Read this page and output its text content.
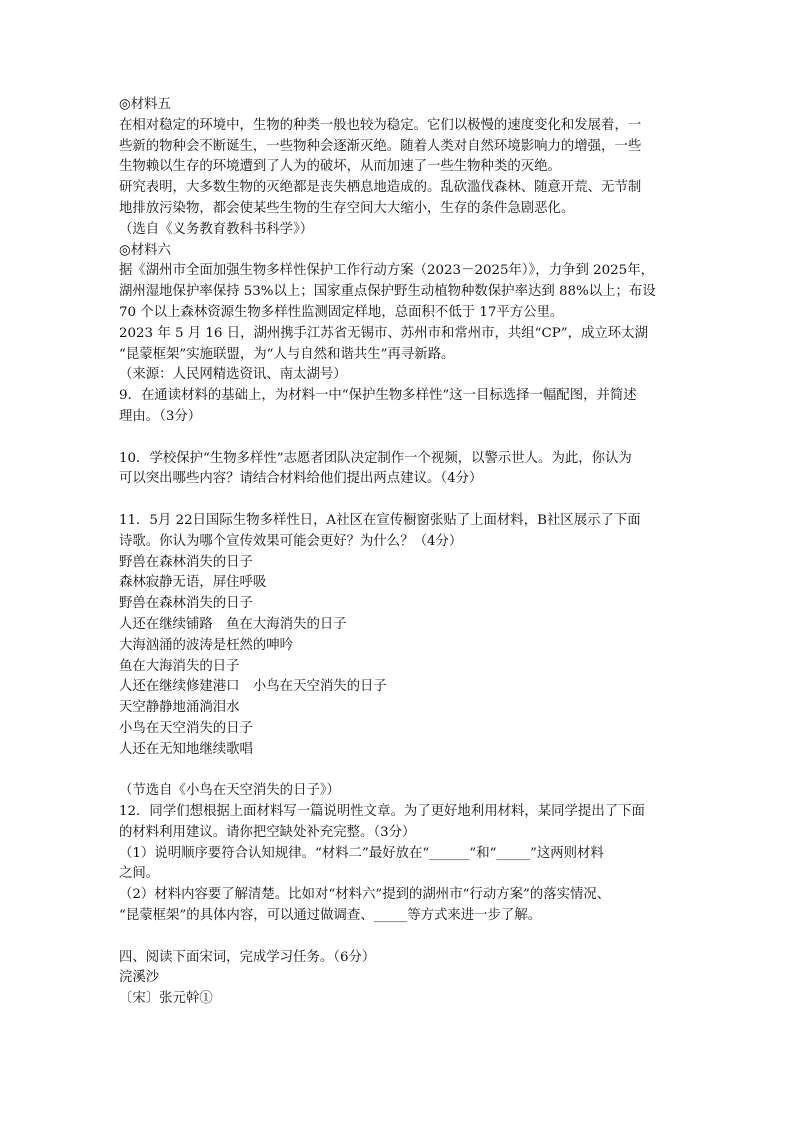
◎材料五
在相对稳定的环境中，生物的种类一般也较为稳定。它们以极慢的速度变化和发展着，一
些新的物种会不断诞生，一些物种会逐渐灭绝。随着人类对自然环境影响力的增强，一些
生物赖以生存的环境遭到了人为的破坏，从而加速了一些生物种类的灭绝。
研究表明，大多数生物的灭绝都是丧失栖息地造成的。乱砍滥伐森林、随意开荒、无节制
地排放污染物，都会使某些生物的生存空间大大缩小，生存的条件急剧恶化。
（选自《义务教育教科书科学》）
◎材料六
据《湖州市全面加强生物多样性保护工作行动方案（2023－2025年）》，力争到 2025年，
湖州湿地保护率保持 53%以上；国家重点保护野生动植物种数保护率达到 88%以上；布设
70 个以上森林资源生物多样性监测固定样地，总面积不低于 17平方公里。
2023 年 5 月 16 日，湖州携手江苏省无锡市、苏州市和常州市，共组“CP”，成立环太湖
“昆蒙框架”实施联盟，为“人与自然和谐共生”再寻新路。
（来源：人民网精选资讯、南太湖号）
9．在通读材料的基础上，为材料一中“保护生物多样性”这一目标选择一幅配图，并简述
理由。（3分）
10．学校保护“生物多样性”志愿者团队决定制作一个视频，以警示世人。为此，你认为
可以突出哪些内容？请结合材料给他们提出两点建议。（4分）
11．5月 22日国际生物多样性日，A社区在宣传橱窗张贴了上面材料，B社区展示了下面
诗歌。你认为哪个宣传效果可能会更好？为什么？（4分）
野兽在森林消失的日子
森林寂静无语，屏住呼吸
野兽在森林消失的日子
人还在继续铺路　鱼在大海消失的日子
大海汹涌的波涛是枉然的呻吟
鱼在大海消失的日子
人还在继续修建港口　小鸟在天空消失的日子
天空静静地涌淌泪水
小鸟在天空消失的日子
人还在无知地继续歌唱
（节选自《小鸟在天空消失的日子》）
12．同学们想根据上面材料写一篇说明性文章。为了更好地利用材料，某同学提出了下面
的材料利用建议。请你把空缺处补充完整。（3分）
（1）说明顺序要符合认知规律。“材料二”最好放在“______”和“_____”这两则材料
之间。
（2）材料内容要了解清楚。比如对“材料六”提到的湖州市“行动方案”的落实情况、
“昆蒙框架”的具体内容，可以通过做调查、_____等方式来进一步了解。
四、阅读下面宋词，完成学习任务。（6分）
浣溪沙
〔宋〕张元幹①
